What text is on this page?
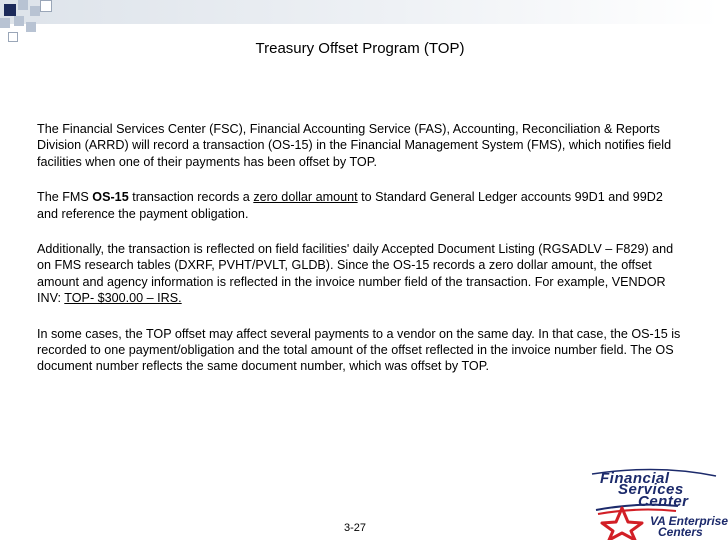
Treasury Offset Program (TOP)

The Financial Services Center (FSC), Financial Accounting Service (FAS), Accounting, Reconciliation & Reports Division (ARRD) will record a transaction (OS-15) in the Financial Management System (FMS), which notifies field facilities when one of their payments has been offset by TOP.

The FMS OS-15 transaction records a zero dollar amount to Standard General Ledger accounts 99D1 and 99D2 and reference the payment obligation.

Additionally, the transaction is reflected on field facilities' daily Accepted Document Listing (RGSADLV – F829) and on FMS research tables (DXRF, PVHT/PVLT, GLDB). Since the OS-15 records a zero dollar amount, the offset amount and agency information is reflected in the invoice number field of the transaction. For example, VENDOR INV: TOP- $300.00 – IRS.

In some cases, the TOP offset may affect several payments to a vendor on the same day. In that case, the OS-15 is recorded to one payment/obligation and the total amount of the offset reflected in the invoice number field. The OS document number reflects the same document number, which was offset by TOP.

3-27
Financial
Services
Center
VA Enterprise
Centers
